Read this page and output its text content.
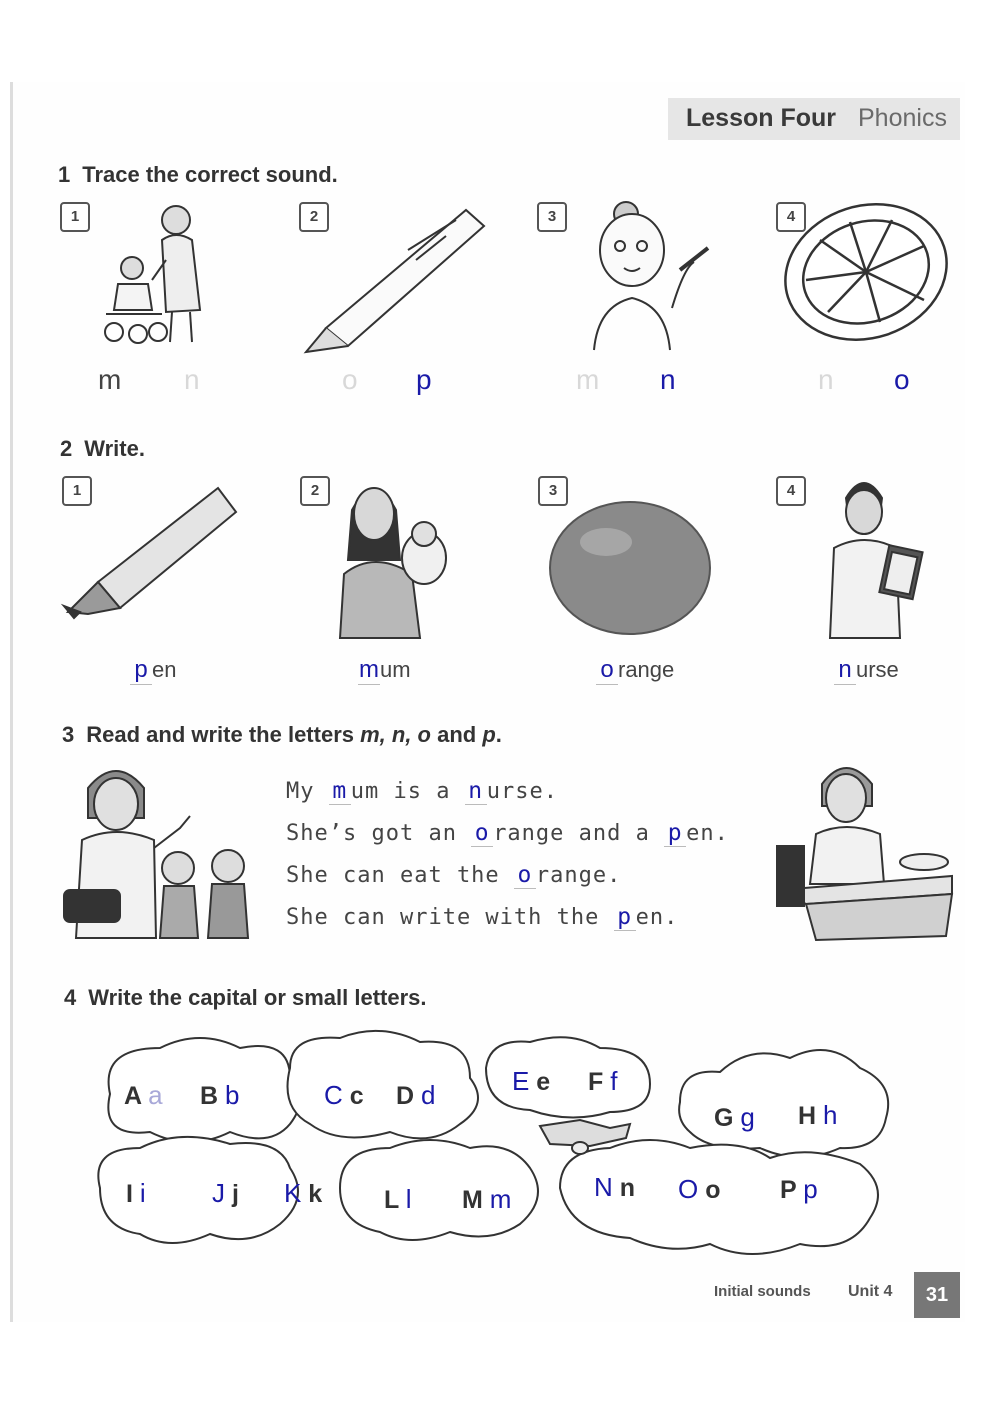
Lesson Four Phonics
1 Trace the correct sound.
1	2	3	4
m n	o p	m n	n o
2 Write.
1	2	3	4
p en	mum	o range	n urse
3 Read and write the letters m, n, o and p.
My m um is a n urse.
She’s got an o range and a p en.
She can eat the o range.
She can write with the p en.
4 Write the capital or small letters.
A a B b	C c D d	E e F f
G g H h
I i	J j K k L l M m	N n O o P p
Initial sounds Unit 4	31
